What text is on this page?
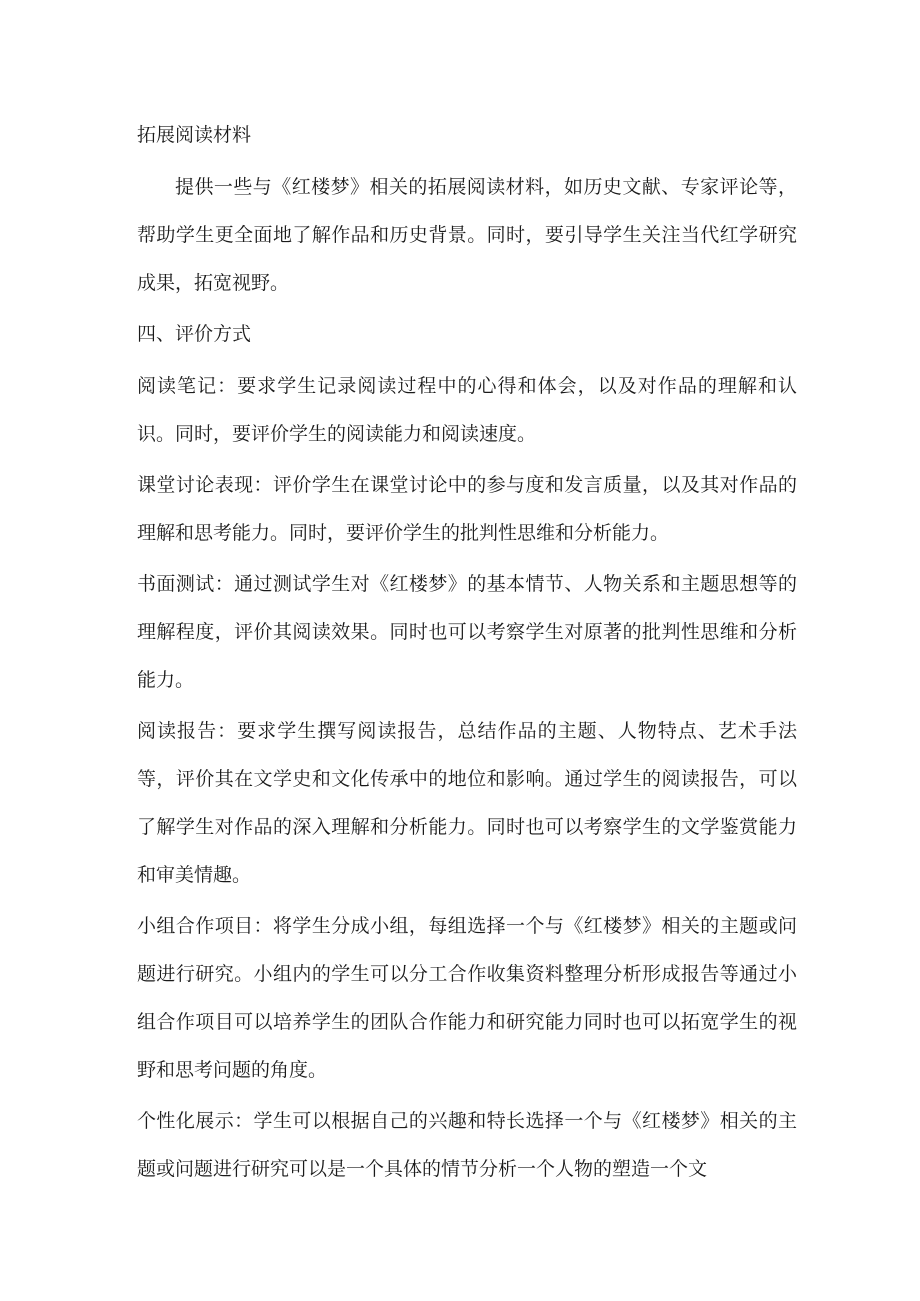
拓展阅读材料

提供一些与《红楼梦》相关的拓展阅读材料，如历史文献、专家评论等，帮助学生更全面地了解作品和历史背景。同时，要引导学生关注当代红学研究成果，拓宽视野。

四、评价方式

阅读笔记：要求学生记录阅读过程中的心得和体会，以及对作品的理解和认识。同时，要评价学生的阅读能力和阅读速度。

课堂讨论表现：评价学生在课堂讨论中的参与度和发言质量，以及其对作品的理解和思考能力。同时，要评价学生的批判性思维和分析能力。

书面测试：通过测试学生对《红楼梦》的基本情节、人物关系和主题思想等的理解程度，评价其阅读效果。同时也可以考察学生对原著的批判性思维和分析能力。

阅读报告：要求学生撰写阅读报告，总结作品的主题、人物特点、艺术手法等，评价其在文学史和文化传承中的地位和影响。通过学生的阅读报告，可以了解学生对作品的深入理解和分析能力。同时也可以考察学生的文学鉴赏能力和审美情趣。

小组合作项目：将学生分成小组，每组选择一个与《红楼梦》相关的主题或问题进行研究。小组内的学生可以分工合作收集资料整理分析形成报告等通过小组合作项目可以培养学生的团队合作能力和研究能力同时也可以拓宽学生的视野和思考问题的角度。

个性化展示：学生可以根据自己的兴趣和特长选择一个与《红楼梦》相关的主题或问题进行研究可以是一个具体的情节分析一个人物的塑造一个文
